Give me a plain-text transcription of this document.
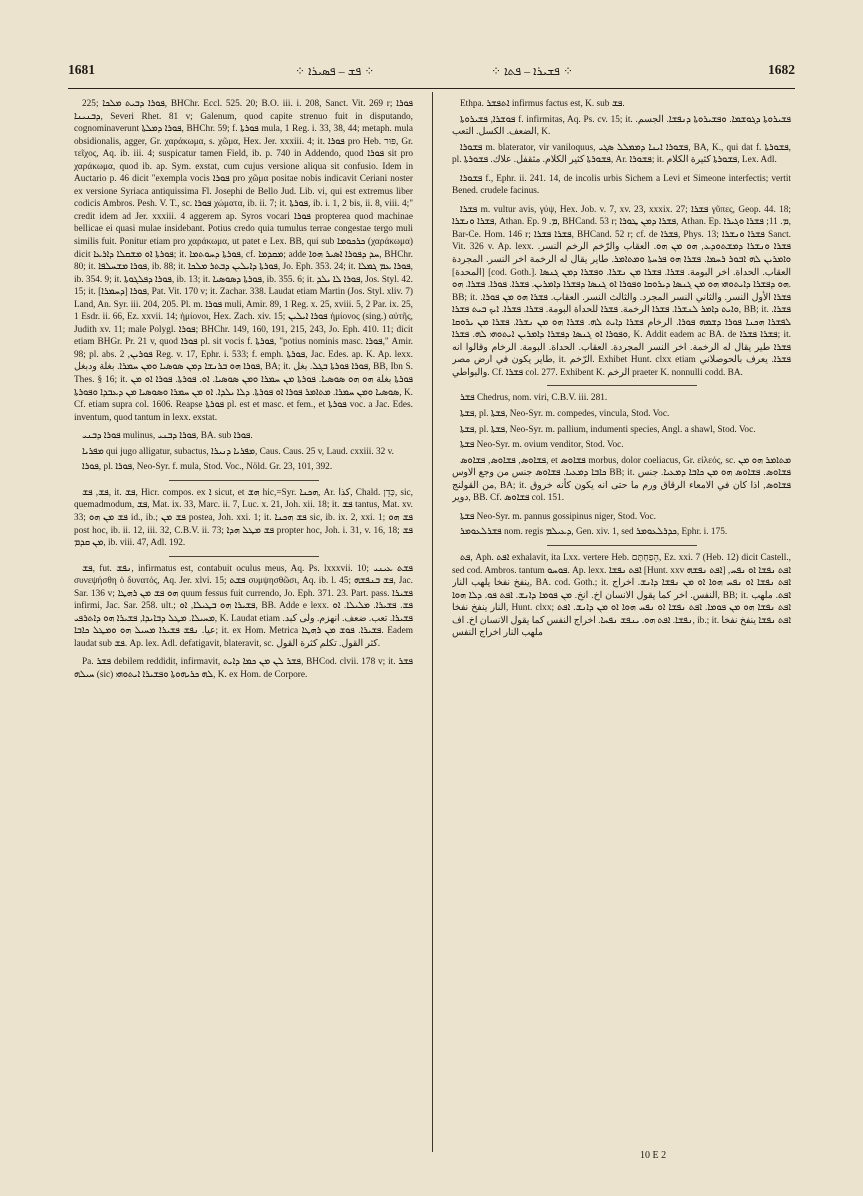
1681	⁘ ܦܫ ‒ ܦܣܝܪܐ ⁘	⁘ ܦܫܝܪܐ ‒ ܦܬܐ ⁘	1682

225; ܦܘܪܐ ܕܒܝܬ ܡܠܟܐ, BHChr. Eccl. 525. 20; B.O. iii. i. 208, Sanct. Vit. 269 r; ܦܘܪܐ ܕܒܢܝܢܐ, Severi Rhet. 81 v; Galenum, quod capite strenuo fuit in disputando, cognominaverunt ܦܘܪܐ ܕܡܠܬܐ, BHChr. 59; f. ܦܘܪܬܐ mula, 1 Reg. i. 33, 38, 44; metaph. mula obsidionalis, agger, Gr. χαράκωμα, s. χῶμα, Hex. Jer. xxxiii. 4; it. ܦܘܪܐ pro Heb. פּוּר, Gr. τεῖχος, Aq. ib. iii. 4; suspicatur tamen Field, ib. p. 740 in Addendo, quod ܦܘܪܐ sit pro χαράκωμα, quod ib. ap. Sym. exstat, cum cujus versione aliqua sit confusio. Idem in Auctario p. 46 dicit "exempla vocis ܦܘܪܐ pro χῶμα positae nobis indicavit Ceriani noster ex versione Syriaca antiquissima Fl. Josephi de Bello Jud. Lib. vi, qui est extremus liber codicis Ambros. Pesh. V. T., sc. ܦܘܪܐ χώματα, ib. ii. 7; it. ܦܘܪܬܐ, ib. i. 1, 2 bis, ii. 8, viii. 4;" credit idem ad Jer. xxxiii. 4 aggerem ap. Syros vocari ܦܘܪܐ propterea quod machinae bellicae ei quasi mulae insidebant. Potius credo quia tumulus terrae congestae tergo muli similis fuit. Ponitur etiam pro χαράκωμα, ut patet e Lex. BB, qui sub ܟܪܟܘܡܐ (χαράκωμα) dicit ܦܘܪܬܐ ܐܘ ܡܫܩܠܐ ܕܐܪܥܐ; it. ܦܘܪܬܐ ܕܚܘܬܡܐ, cf. ܡܩܕܡܐ; adde ܚܕ ܕܦܘܪܐ ܐܣܝܪ ܗܘܐ, BHChr. 80; it. ܦܘܪܐ ܡܫܚܠܦܐ, ib. 88; it. ܦܘܪܬܐ ܕܐܝܠܝܢ ܕܒܬܪ ܡܠܟܐ, Jo. Eph. 353. 24; it. ܦܘܪܐ ܥܡ ܓܡܠܐ, ib. 354. 9; it. ܦܘܪܐ ܕܦܠܓܘܬܐ, ib. 13; it. ܦܘܪܬܐ ܕܣܘܣܝܐ, ib. 355. 6; it. ܦܘܪܐ ܠܐ ܝܠܕ, Jos. Styl. 42. 15; it. ܦܘܪܐ [ܕܚܡܪܐ], Pat. Vit. 170 v; it. Zachar. 338. Laudat etiam Martin (Jos. Styl. xliv. 7) Land, An. Syr. iii. 204, 205. Pl. m. ܦܘܪܐ muli, Amir. 89, 1 Reg. x. 25, xviii. 5, 2 Par. ix. 25, 1 Esdr. ii. 66, Ez. xxvii. 14; ἡμίονοι, Hex. Zach. xiv. 15; ܦܘܪܐ ܐܝܠܝܢ ἡμίονος (sing.) αὐτῆς, Judith xv. 11; male Polygl. ܦܘܪܐ; BHChr. 149, 160, 191, 215, 243, Jo. Eph. 410. 11; dicit etiam BHGr. Pr. 21 v, quod ܦܘܪܐ pl. sit vocis f. ܦܘܪܬܐ, "potius nominis masc. ܦܘܪܐ," Amir. 98; pl. abs. ܦܘܪܝܢ, 2 Reg. v. 17, Ephr. i. 533; f. emph. ܦܘܪܬܐ, Jac. Edes. ap. K. Ap. lexx. ܦܘܪܐ ܗܘ ܒܪܢܫܐ ܕܡܢ ܣܘܣܝܐ ܘܡܢ ܚܡܪܐ. بغلة ودبغل, BA; it. ܦܘܪܐ ܦܘܪܬܐ ܒܓܠ. بغل, BB, Ibn S. Thes. § 16; it. ܦܘܪܬܐ بغلة ܗܘ ܗܘ ܣܘܣܝܐ. ܦܘܪܬܐ ܡܢ ܚܡܪܐ ܘܡܢ ܣܘܣܝܐ. ܐܘ. ܦܘܪܬܐ. ܦܘܪܐ ܐܘ ܡܢ ܣܘܣܝܐ ܘܡܢ ܚܡܪܐ. ܡܬܐܡܪ ܦܘܪܐ ܐܘ ܦܘܪܬܐ. ܕܠܐ ܝܠܕܐ. ܐܘ ܡܢ ܚܡܪܐ ܘܣܘܣܝܐ ܡܢ ܕܥܒܕܐ ܘܦܘܪܬܐ, K. Cf. etiam supra col. 1606. Reapse ܦܘܪܬܐ pl. est et masc. et fem., et ܦܘܪܬܐ voc. a Jac. Edes. inventum, quod tantum in lexx. exstat.

ܦܘܪܐ ܕܒܢܝ mulinus, ܦܘܪܐ ܕܒܢܝ, BA. sub ܦܘܪܐ.

ܡܦܪܝܐ qui jugo alligatur, subactus, ܡܦܪܝܐ ܕܢܝܪܐ, Caus. Caus. 25 v, Laud. cxxiii. 32 v.

ܦܘܪܐ, pl. ܦܘܪܐ, Neo-Syr. f. mula, Stod. Voc., Nöld. Gr. 23, 101, 392.

ܦܫ, ܦܫ, it. ܦܫ, Hicr. compos. ex ܐ sicut, et ܗܫ hic,=Syr. ܗܟܢܐ, Ar. كذا, Chald. כְּדֵן, sic, quemadmodum, ܦܫ, Mat. ix. 33, Marc. ii. 7, Luc. x. 21, Joh. xii. 18; it. ܦܫ tantus, Mat. xv. 33; ܦܫ ܡܢ ܗܘ id., ib.; ܦܫ ܡܢ postea, Joh. xxi. 1; it. ܦܫ ܗܟܢܐ sic, ib. ix. 2, xxi. 1; ܦܫ ܗܘ post hoc, ib. ii. 12, iii. 32, C.B.V. ii. 73; ܦܫ ܡܛܠ ܗܕܐ propter hoc, Joh. i. 31, v. 16, 18; ܦܫ ܡܢ ܩܕܡ, ib. viii. 47, Adl. 192.

ܦܫ, fut. ܢܦܫ, infirmatus est, contabuit oculus meus, Aq. Ps. lxxxvii. 10; ܦܫܬ ܥܝܢܝ συνεψήσθη ὁ δυνατός, Aq. Jer. xlvi. 15; ܦܫܬ συμψησθῶσι, Aq. ib. l. 45; ܦܫ ܒܢܦܫܗ, Jac. Sar. 136 v; ܗܘ ܦܫ ܡܢ ܪܗܛܐ quum fessus fuit currendo, Jo. Eph. 371. 23. Part. pass. ܦܫܝܪܐ infirmi, Jac. Sar. 258. ult.; ܦܫܝܪܐ ܗܘ ܒܛܝܠܐ, ܐܘ, BB. Adde e lexx. ܦܫ. ܦܫܝܪܐ. ܡܠܝܠܐ. ܐܘ ܡܚܝܠܐ. ܡܛܠ ܕܒܐܝܕܐ, ܦܫܝܪܐ ܗܘ ܕܐܬܪܦܝ, K. Laudat etiam ܦܫܝܪܐ. تعب. ضعف. انهزم. ولى كبد. عيا. ܢܦܫ ܦܫܝܪܐ ܡܚܝܠ ܗܘ ܘܡܛܠ ܟܐܒܐ; it. ex Hom. Metrica ܦܫܝܪܐ. ܦܘܫ ܡܢ ܪܗܛܐ. Eadem laudat sub ܦܫ. Ap. lex. Adl. defatigavit, blateravit, sc. كثر القول. تكلم كثرة القول.

Pa. ܦܫܪ debilem reddidit, infirmavit, ܦܫܪ ܠܢ ܡܢ ܟܡܐ ܕܐܝܬ, BHCod. clvii. 178 v; it. ܦܫܪ ܚܝܠܗ (sic) ܠܗ ܟܪܝܗܘܬܐ ܘܦܫܝܪܐ ܐܝܬܘܗܝ, K. ex Hom. de Corpore.

Ethpa. ܐܬܦܫܪ infirmus factus est, K. sub ܦܫ.

ܦܘܫܪܐ, ܦܫܝܪܘܬܐ f. infirmitas, Aq. Ps. cv. 15; it. ܦܫܝܪܘܬܐ ܕܓܘܫܡܐ. ܘܦܫܝܪܘܬܐ ܕܢܦܫܐ. الجسم. الضعف. الكسل. التعب, K.

ܦܫܘܪܐ m. blaterator, vir vaniloquus, ܦܫܘܪܐ ܐܝܢܐ ܕܡܡܠܠ ܣܓܝ, BA, K., qui dat f. ܦܫܘܪܬܐ, pl. ܦܫܘܪܬܐ كثير الكلام. مثقفل. علاك. ܦܫܘܪܬܐ, Ar. ܦܫܘܪܐ; it. ܦܫܘܪܬܐ كثيرة الكلام, Lex. Adl.

ܦܫܘܪܐ f., Ephr. ii. 241. 14, de incolis urbis Sichem a Levi et Simeone interfectis; vertit Bened. crudele facinus.

ܦܫܪܐ m. vultur avis, γύψ, Hex. Job. v. 7, xv. 23, xxxix. 27; ܦܫܪܐ γῦπες, Geop. 44. 18; ܦܫܪܐ ܘܢܫܪܐ, Athan. Ep. ܡ. 9, BHCand. 53 r; ܦܫܪܐ ܕܡܢ ܛܘܪܐ, Athan. Ep. ܡ. 11; ܦܫܪܐ ܘܓܝܪܐ, Bar-Ce. Hom. 146 r; ܦܫܪܐ ܦܫܪܐ, BHCand. 52 r; cf. de ܦܫܪܐ, Phys. 13; ܦܫܪܐ ܘܢܫܪܐ Sanct. Vit. 326 v. Ap. lexx. ܦܫܪܐ ܘܢܫܪܐ ܕܡܫܬܘܕܥ, ܗܘ ܡܢ ܗܘ. العقاب والرّخم الرخم النسر. ܘܐܡܪܝܢ ܠܗ ܐܒܘܪ ܪܚܡܐ. ܦܫܪܐ ܗܘ ܦܪܚܬܐ ܘܡܬܐܡܪ. طاير يقال له الرخمة اخر النسر. المجردة [المحدة] [cod. Goth.]. العقاب. الحداة. اخر البومة. ܦܫܪܐ. ܦܫܪܐ ܡܢ ܢܫܪܐ. ܘܦܫܪܐ ܕܡܢ ܓܢܣܐ ܗܘ ܕܦܫܪܐ ܕܐܝܬܘܗܝ ܗܘ ܡܢ ܓܢܣܐ ܕܝܪܘܩܐ ܘܦܘܪܐ ܐܘ ܓܢܣܐ ܕܦܫܪܐ ܕܐܡܪܝܢ. ܦܫܪܐ. ܦܘܪܐ. ܦܫܪܐ. ܗܘ. BB; it. ܦܫܪܐ الأول النسر. والثاني النسر المجرد. والثالث النسر. العقاب. ܦܫܪܐ ܗܘ ܡܢ ܦܘܪܐ. ܘܐܝܬ ܕܐܡܪ ܠܢܫܪܐ. ܦܫܪܐ الرخمة. ܦܫܪܐ للحداة البومة. ܦܫܪܐ. ܦܫܪܐ. ܐܝܟ ܒܝܬ ܦܫܪܐ, BB; it. ܦܫܪܐ. ܠܦܫܪܐ ܗܟܢܐ ܦܘܪܐ ܕܫܡܗ ܦܘܪܐ. الرخام ܦܫܪܐ ܕܐܝܬ ܠܗ. ܦܫܪܐ ܗܘ ܡܢ ܢܫܪܐ. ܦܫܪܐ ܡܢ ܝܪܘܩܐ ܘܦܘܪܐ ܐܘ ܓܢܣܐ ܕܦܫܪܐ ܕܐܡܪܝܢ ܐܝܬܘܗܝ ܠܗ. ܦܫܪܐ, K. Addit eadem ac BA. de ܦܫܪܐ ܦܫܪܐ; it. ܦܫܪܐ طير يقال له الرخمة. اخر النسر المجردة. العقاب. الحداة. البومة. الرخام وقالوا انه طاير يكون في ارض مصر, it. الرّخم. Exhibet Hunt. clxx etiam ܦܫܪܐ. يعرف بالحوصلاني والبواطي. Cf. ܦܫܪܐ col. 277. Exhibent K. الرخم praeter K. nonnulli codd. BA.

ܦܫܪ Chedrus, nom. viri, C.B.V. iii. 281.

ܦܫܬܐ, pl. ܦܫܬܐ, Neo-Syr. m. compedes, vincula, Stod. Voc.

ܦܫܬܐ, pl. ܦܫܬܐ, Neo-Syr. m. pallium, indumenti species, Angl. a shawl, Stod. Voc.

ܦܫܬܐ Neo-Syr. m. ovium venditor, Stod. Voc.

ܦܫܐܘܣ, ܦܫܐܘܣ, ܦܫܐܘܣ, et ܦܫܐܘܣ morbus, dolor coeliacus, Gr. εἰλεός, sc. ܡܬܐܡܪ ܗܘ ܡܢ ܟܐܒܐ ܕܡܥܝܐ. ܦܫܐܘܣ جنس من وجع الاوس BB; it. ܦܫܐܘܣ. ܦܫܐܘܣ ܗܘ ܡܢ ܟܐܒܐ ܕܡܥܝܐ. جنس من القولنج, BA; it. ܦܫܐܘܣ, اذا كان في الامعاء الرقاق ورم ما حتى انه يكون كأنه خروق دوير, BB. Cf. ܦܫܐܘܣ col. 151.

ܦܫܬܐ Neo-Syr. m. pannus gossipinus niger, Stod. Voc.

ܦܫܪܠܥܘܡܪ nom. regis ܕܥܝܠܡ, Gen. xiv. 1, sed ܟܕܪܠܥܘܡܪ, Ephr. i. 175.

ܦܬ, Aph. ܐܦܬ exhalavit, ita Lxx. vertere Heb. הֵפַחְתֶּם, Ez. xxi. 7 (Heb. 12) dicit Castell., sed cod. Ambros. tantum ܦܘܚܘ. Ap. lexx. ܐܦܬ ܢܦܫܐ [Hunt. xxv ܐܦܬ ܢܦܫܗ] ܐܦܬ ܢܦܫܐ ܐܘ ܢܦܚ, ينفخ نفخا يلهب النار, BA. cod. Goth.; it. ܐܦܬ ܢܦܫܐ ܐܘ ܢܦܚ ܗܘܐ ܐܘ ܡܢ ܢܦܫܐ ܕܐܢܫ. اخراج النفس. اخر كما يقول الانسان اخ. انخ. ܡܢ ܦܘܡܐ ܕܐܢܫ. ܐܦܬ ܦܘ. ܕܠܐ ܗܘܐ, BB; it. ܐܦܬ. ملهب النار ينفخ نفخا, Hunt. clxx; ܐܦܬ ܢܦܫܐ ܗܘ ܡܢ ܦܘܡܐ. ܐܦܬ ܢܦܫܐ ܐܘ ܢܦܚ ܗܘܐ ܐܘ ܡܢ ܕܐܢܫ. ܐܦܬ ܢܦܫܐ. ܐܦܬ ܗܘ. ܝܢܦܫ ܢܦܚܐ. اخراج النفس كما يقول الانسان اخ. اف, ib.; it. ܐܦܬ ܢܦܫܐ ينفخ نفخا ملهب النار اخراج النفس

10 E 2
